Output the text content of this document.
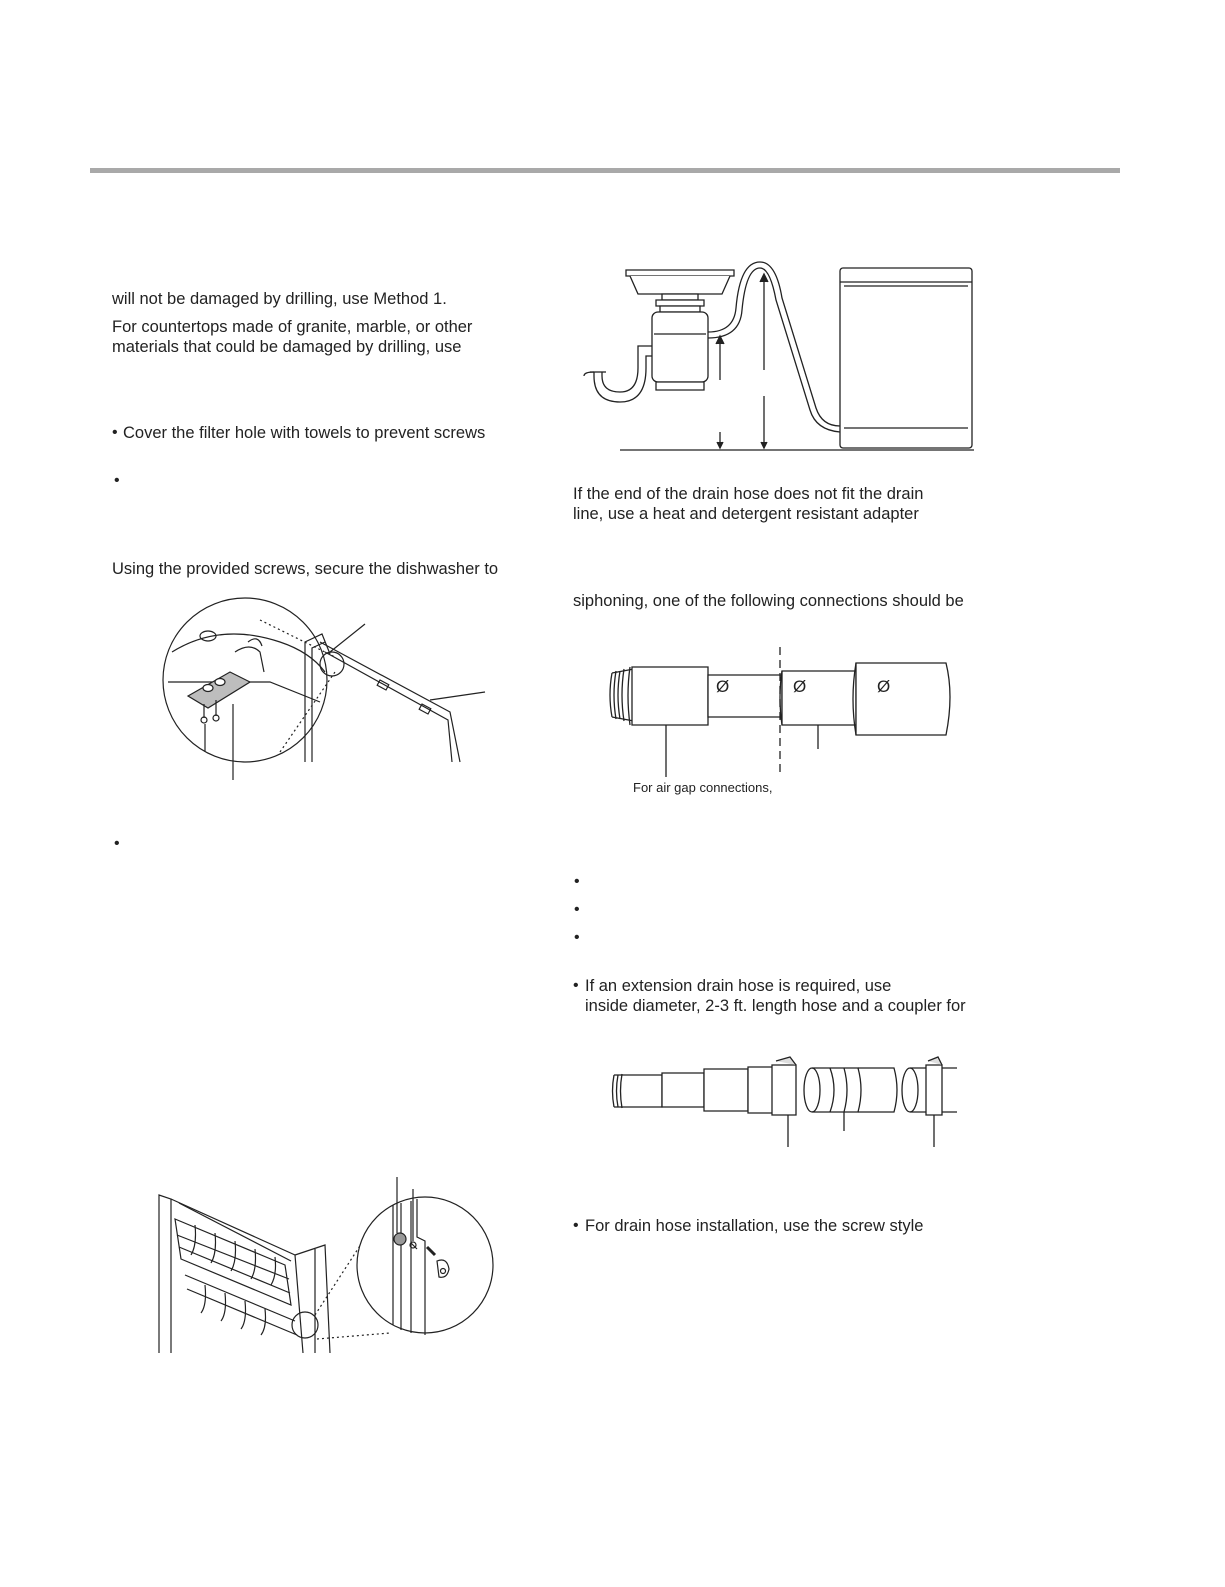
will not be damaged by drilling, use Method 1.
For countertops made of granite, marble, or other
materials that could be damaged by drilling, use
• Cover the filter hole with towels to prevent screws
•
Using the provided screws, secure the dishwasher to
•
If the end of the drain hose does not fit the drain
line, use a heat and detergent resistant adapter
siphoning, one of the following connections should be
•
•
•
• If an extension drain hose is required, use
inside diameter, 2-3 ft. length hose and a coupler for
• For drain hose installation, use the screw style
Ø	Ø	Ø
For air gap connections,
